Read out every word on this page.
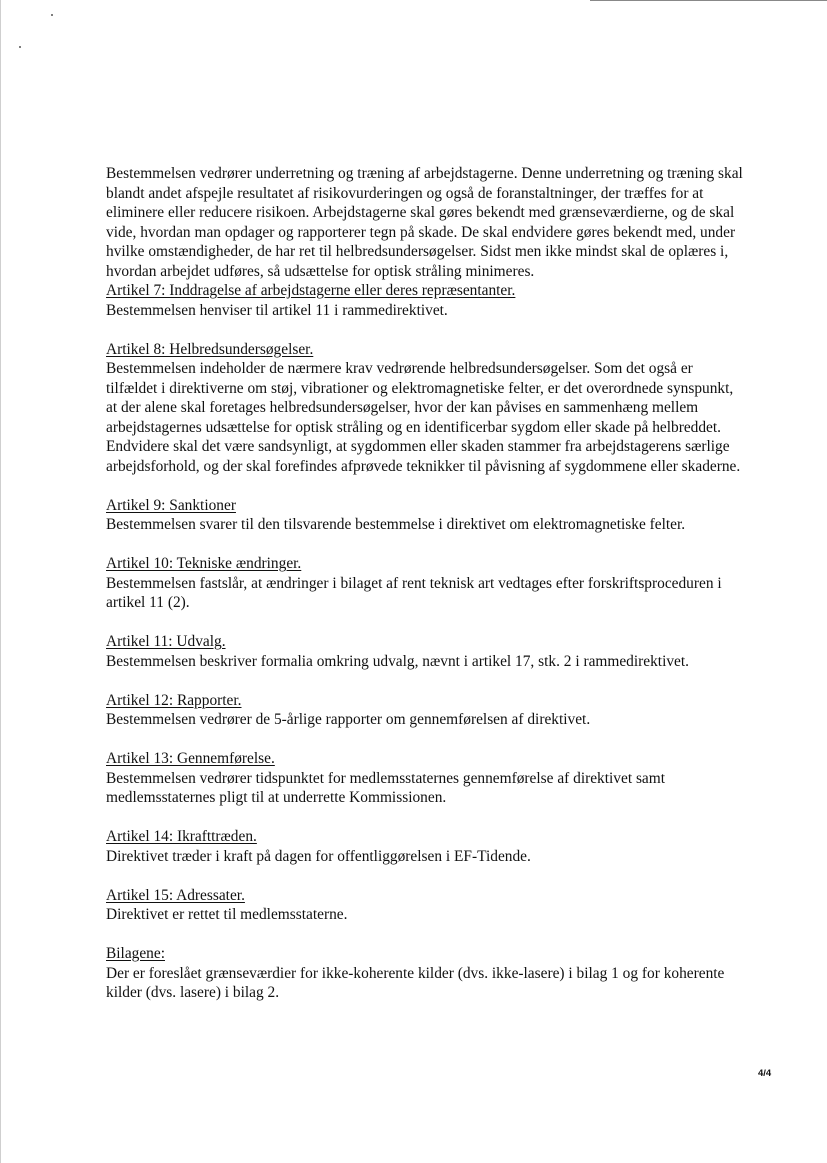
Bestemmelsen vedrører underretning og træning af arbejdstagerne. Denne underretning og træning skal blandt andet afspejle resultatet af risikovurderingen og også de foranstaltninger, der træffes for at eliminere eller reducere risikoen. Arbejdstagerne skal gøres bekendt med grænseværdierne, og de skal vide, hvordan man opdager og rapporterer tegn på skade. De skal endvidere gøres bekendt med, under hvilke omstændigheder, de har ret til helbredsundersøgelser. Sidst men ikke mindst skal de oplæres i, hvordan arbejdet udføres, så udsættelse for optisk stråling minimeres.

Artikel 7: Inddragelse af arbejdstagerne eller deres repræsentanter.

Bestemmelsen henviser til artikel 11 i rammedirektivet.

Artikel 8: Helbredsundersøgelser.

Bestemmelsen indeholder de nærmere krav vedrørende helbredsundersøgelser. Som det også er tilfældet i direktiverne om støj, vibrationer og elektromagnetiske felter, er det overordnede synspunkt, at der alene skal foretages helbredsundersøgelser, hvor der kan påvises en sammenhæng mellem arbejdstagernes udsættelse for optisk stråling og en identificerbar sygdom eller skade på helbreddet. Endvidere skal det være sandsynligt, at sygdommen eller skaden stammer fra arbejdstagerens særlige arbejdsforhold, og der skal forefindes afprøvede teknikker til påvisning af sygdommene eller skaderne.

Artikel 9: Sanktioner

Bestemmelsen svarer til den tilsvarende bestemmelse i direktivet om elektromagnetiske felter.

Artikel 10: Tekniske ændringer.

Bestemmelsen fastslår, at ændringer i bilaget af rent teknisk art vedtages efter forskriftsproceduren i artikel 11 (2).

Artikel 11: Udvalg.

Bestemmelsen beskriver formalia omkring udvalg, nævnt i artikel 17, stk. 2 i rammedirektivet.

Artikel 12: Rapporter.

Bestemmelsen vedrører de 5-årlige rapporter om gennemførelsen af direktivet.

Artikel 13: Gennemførelse.

Bestemmelsen vedrører tidspunktet for medlemsstaternes gennemførelse af direktivet samt medlemsstaternes pligt til at underrette Kommissionen.

Artikel 14: Ikrafttræden.

Direktivet træder i kraft på dagen for offentliggørelsen i EF-Tidende.

Artikel 15: Adressater.

Direktivet er rettet til medlemsstaterne.

Bilagene:

Der er foreslået grænseværdier for ikke-koherente kilder (dvs. ikke-lasere) i bilag 1 og for koherente kilder (dvs. lasere) i bilag 2.

4/4
